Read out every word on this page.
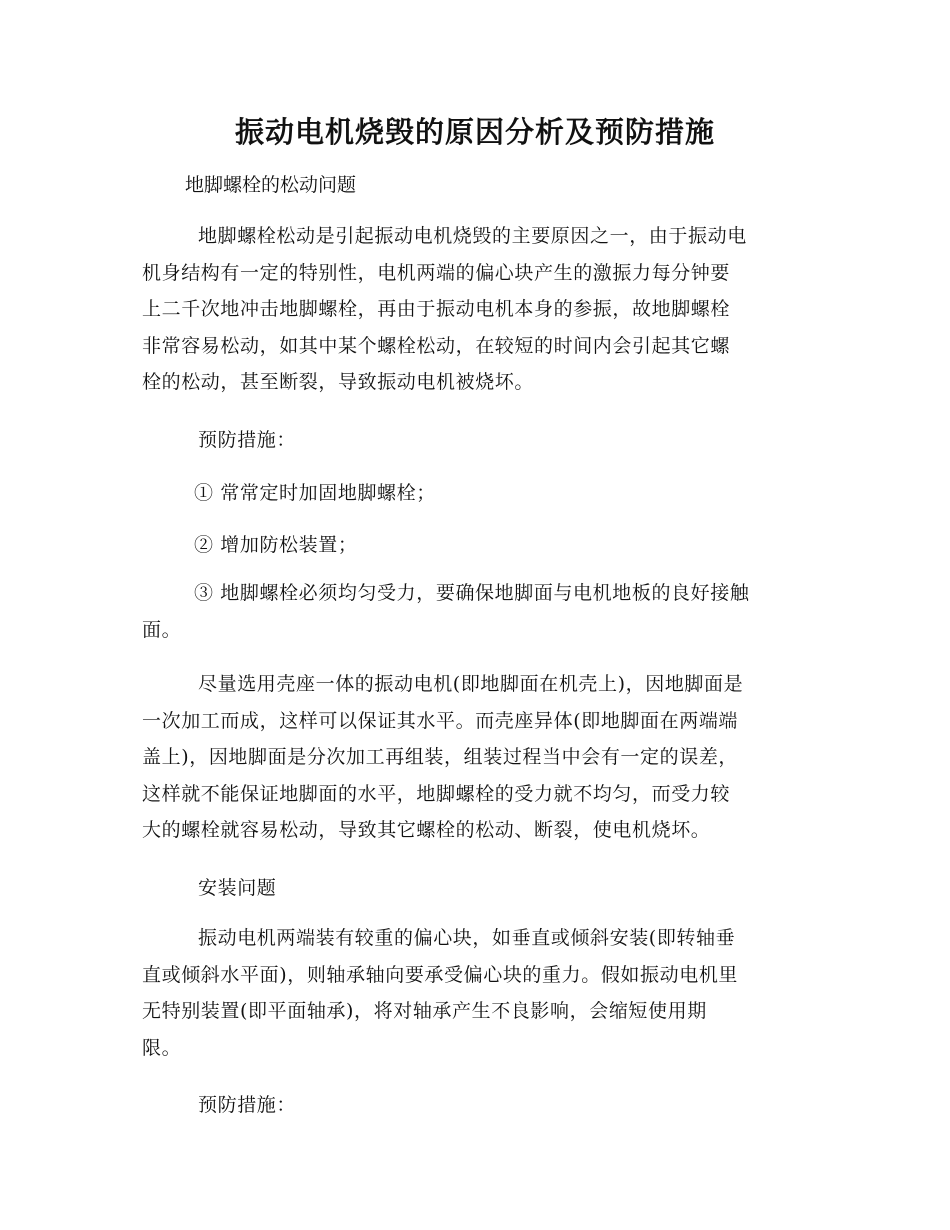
振动电机烧毁的原因分析及预防措施
地脚螺栓的松动问题
地脚螺栓松动是引起振动电机烧毁的主要原因之一，由于振动电
机身结构有一定的特别性，电机两端的偏心块产生的激振力每分钟要
上二千次地冲击地脚螺栓，再由于振动电机本身的参振，故地脚螺栓
非常容易松动，如其中某个螺栓松动，在较短的时间内会引起其它螺
栓的松动，甚至断裂，导致振动电机被烧坏。
预防措施：
① 常常定时加固地脚螺栓；
② 增加防松装置；
③ 地脚螺栓必须均匀受力，要确保地脚面与电机地板的良好接触
面。
尽量选用壳座一体的振动电机(即地脚面在机壳上)，因地脚面是
一次加工而成，这样可以保证其水平。而壳座异体(即地脚面在两端端
盖上)，因地脚面是分次加工再组装，组装过程当中会有一定的误差，
这样就不能保证地脚面的水平，地脚螺栓的受力就不均匀，而受力较
大的螺栓就容易松动，导致其它螺栓的松动、断裂，使电机烧坏。
安装问题
振动电机两端装有较重的偏心块，如垂直或倾斜安装(即转轴垂
直或倾斜水平面)，则轴承轴向要承受偏心块的重力。假如振动电机里
无特别装置(即平面轴承)，将对轴承产生不良影响，会缩短使用期
限。
预防措施：
